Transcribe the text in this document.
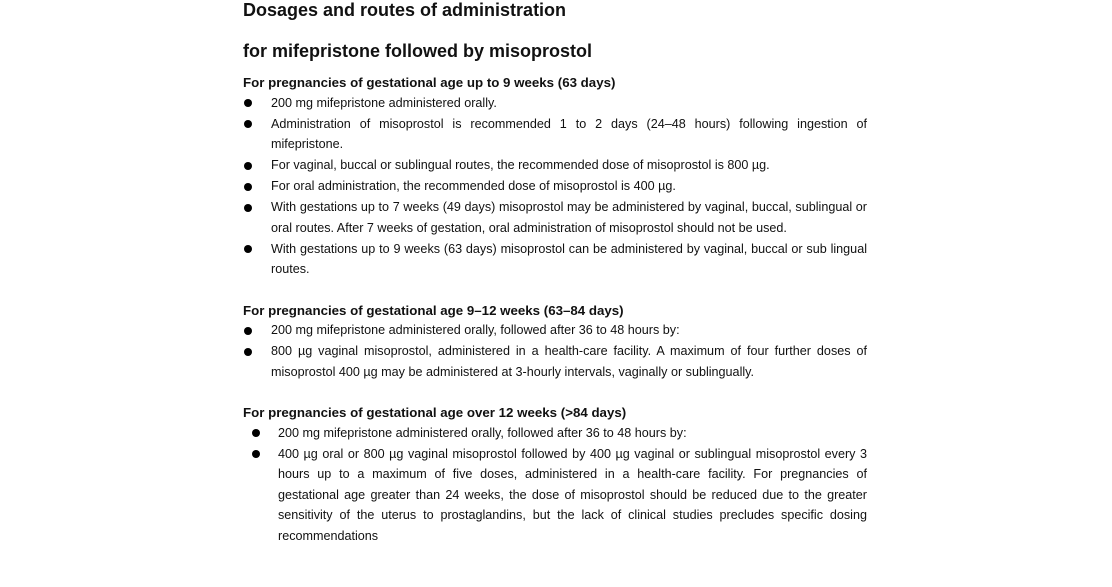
Dosages and routes of administration
for mifepristone followed by misoprostol
For pregnancies of gestational age up to 9 weeks (63 days)
200 mg mifepristone administered orally.
Administration of misoprostol is recommended 1 to 2 days (24–48 hours) following ingestion of mifepristone.
For vaginal, buccal or sublingual routes, the recommended dose of misoprostol is 800 µg.
For oral administration, the recommended dose of misoprostol is 400 µg.
With gestations up to 7 weeks (49 days) misoprostol may be administered by vaginal, buccal, sublingual or oral routes. After 7 weeks of gestation, oral administration of misoprostol should not be used.
With gestations up to 9 weeks (63 days) misoprostol can be administered by vaginal, buccal or sub lingual routes.
For pregnancies of gestational age 9–12 weeks (63–84 days)
200 mg mifepristone administered orally, followed after 36 to 48 hours by:
800 µg vaginal misoprostol, administered in a health-care facility. A maximum of four further doses of misoprostol 400 µg may be administered at 3-hourly intervals, vaginally or sublingually.
For pregnancies of gestational age over 12 weeks (>84 days)
200 mg mifepristone administered orally, followed after 36 to 48 hours by:
400 µg oral or 800 µg vaginal misoprostol followed by 400 µg vaginal or sublingual misoprostol every 3 hours up to a maximum of five doses, administered in a health-care facility. For pregnancies of gestational age greater than 24 weeks, the dose of misoprostol should be reduced due to the greater sensitivity of the uterus to prostaglandins, but the lack of clinical studies precludes specific dosing recommendations
